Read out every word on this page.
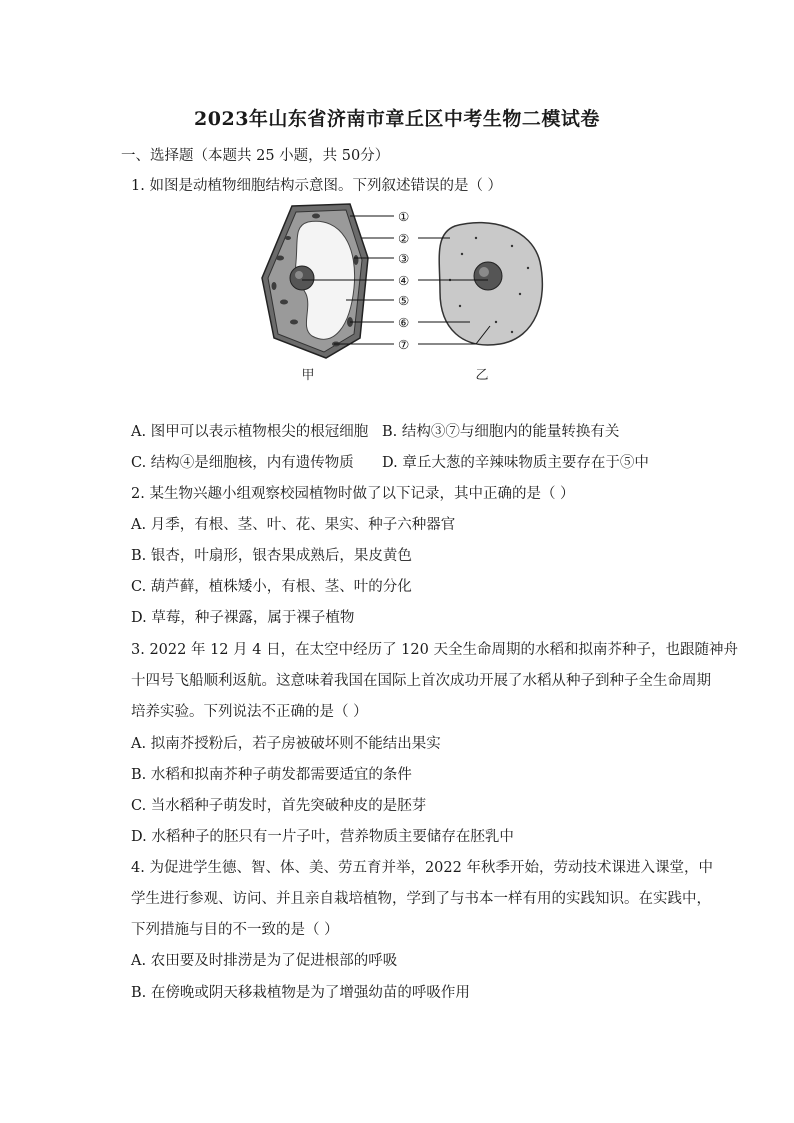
2023年山东省济南市章丘区中考生物二模试卷
一、选择题（本题共 25 小题，共 50分）
1. 如图是动植物细胞结构示意图。下列叙述错误的是（ ）
甲	乙
①
②
③
④
⑤
⑥
⑦
A. 图甲可以表示植物根尖的根冠细胞 B. 结构③⑦与细胞内的能量转换有关
C. 结构④是细胞核，内有遗传物质 D. 章丘大葱的辛辣味物质主要存在于⑤中
2. 某生物兴趣小组观察校园植物时做了以下记录，其中正确的是（ ）
A. 月季，有根、茎、叶、花、果实、种子六种器官
B. 银杏，叶扇形，银杏果成熟后，果皮黄色
C. 葫芦藓，植株矮小，有根、茎、叶的分化
D. 草莓，种子裸露，属于裸子植物
3. 2022 年 12 月 4 日，在太空中经历了 120 天全生命周期的水稻和拟南芥种子，也跟随神舟
十四号飞船顺利返航。这意味着我国在国际上首次成功开展了水稻从种子到种子全生命周期
培养实验。下列说法不正确的是（ ）
A. 拟南芥授粉后，若子房被破坏则不能结出果实
B. 水稻和拟南芥种子萌发都需要适宜的条件
C. 当水稻种子萌发时，首先突破种皮的是胚芽
D. 水稻种子的胚只有一片子叶，营养物质主要储存在胚乳中
4. 为促进学生德、智、体、美、劳五育并举，2022 年秋季开始，劳动技术课进入课堂，中
学生进行参观、访问、并且亲自栽培植物，学到了与书本一样有用的实践知识。在实践中，
下列措施与目的不一致的是（ ）
A. 农田要及时排涝是为了促进根部的呼吸
B. 在傍晚或阴天移栽植物是为了增强幼苗的呼吸作用
